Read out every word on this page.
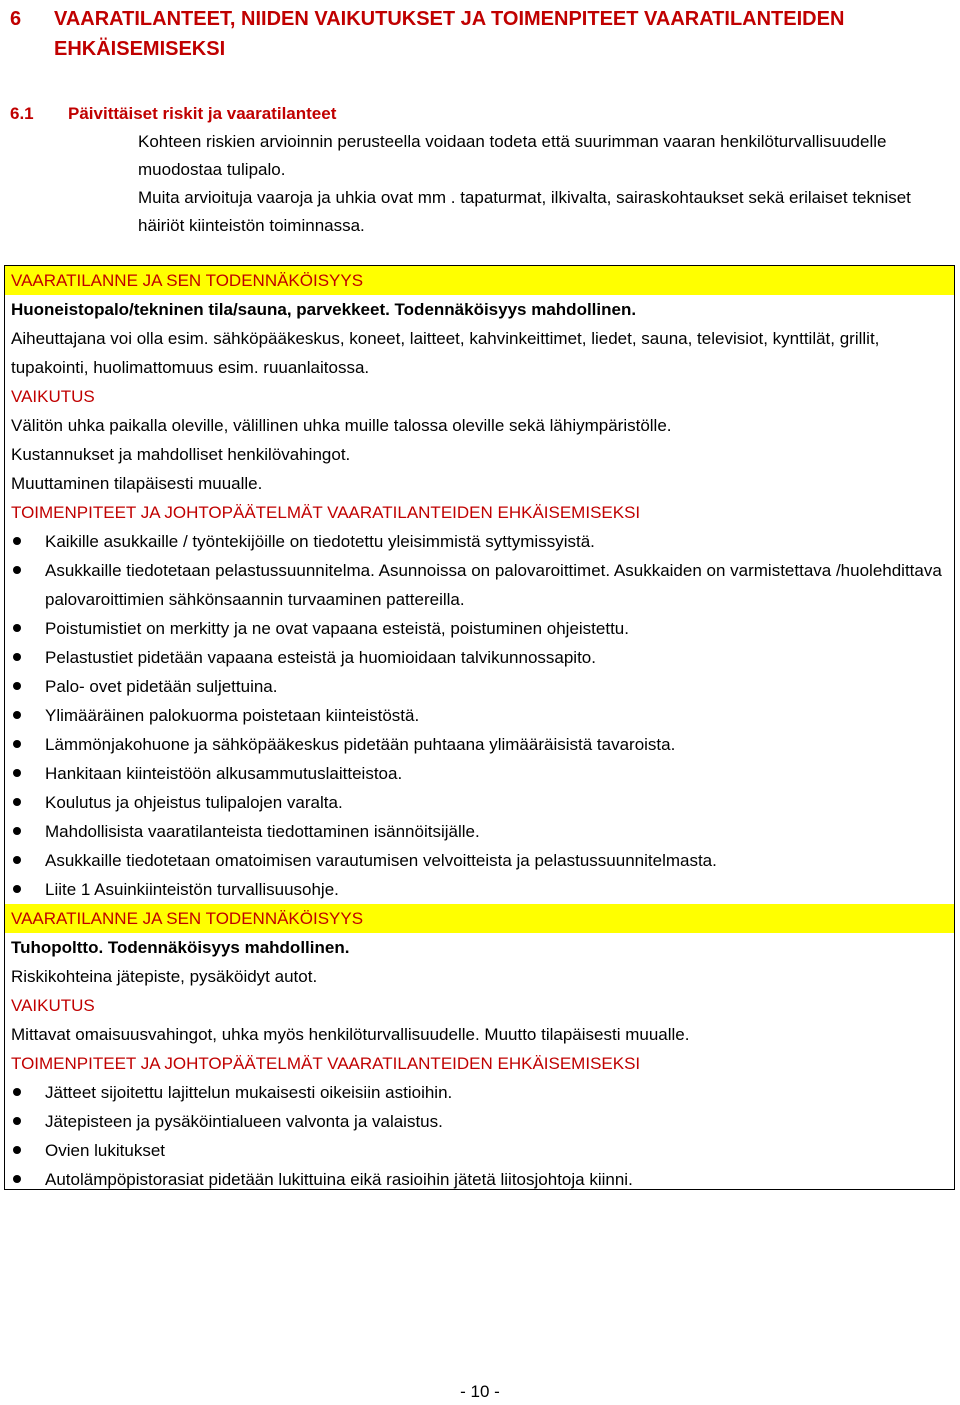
6	VAARATILANTEET, NIIDEN VAIKUTUKSET JA TOIMENPITEET VAARATILANTEIDEN EHKÄISEMISEKSI
6.1	Päivittäiset riskit ja vaaratilanteet

Kohteen riskien arvioinnin perusteella voidaan todeta että suurimman vaaran henkilöturvallisuudelle muodostaa tulipalo.

Muita arvioituja vaaroja ja uhkia ovat mm . tapaturmat, ilkivalta, sairaskohtaukset sekä erilaiset tekniset häiriöt kiinteistön toiminnassa.

VAARATILANNE JA SEN TODENNÄKÖISYYS
Huoneistopalo/tekninen tila/sauna, parvekkeet. Todennäköisyys mahdollinen.
Aiheuttajana voi olla esim. sähköpääkeskus, koneet, laitteet, kahvinkeittimet, liedet, sauna, televisiot, kynttilät, grillit, tupakointi, huolimattomuus esim. ruuanlaitossa.
VAIKUTUS
Välitön uhka paikalla oleville, välillinen uhka muille talossa oleville sekä lähiympäristölle.
Kustannukset ja mahdolliset henkilövahingot.
Muuttaminen tilapäisesti muualle.
TOIMENPITEET JA JOHTOPÄÄTELMÄT VAARATILANTEIDEN EHKÄISEMISEKSI
Kaikille asukkaille / työntekijöille on tiedotettu yleisimmistä syttymissyistä.
Asukkaille tiedotetaan pelastussuunnitelma. Asunnoissa on palovaroittimet. Asukkaiden on varmistettava /huolehdittava palovaroittimien sähkönsaannin turvaaminen pattereilla.
Poistumistiet on merkitty ja ne ovat vapaana esteistä, poistuminen ohjeistettu.
Pelastustiet pidetään vapaana esteistä ja huomioidaan talvikunnossapito.
Palo- ovet pidetään suljettuina.
Ylimääräinen palokuorma poistetaan kiinteistöstä.
Lämmönjakohuone ja sähköpääkeskus pidetään puhtaana ylimääräisistä tavaroista.
Hankitaan kiinteistöön alkusammutuslaitteistoa.
Koulutus ja ohjeistus tulipalojen varalta.
Mahdollisista vaaratilanteista tiedottaminen isännöitsijälle.
Asukkaille tiedotetaan omatoimisen varautumisen velvoitteista ja pelastussuunnitelmasta.
Liite 1 Asuinkiinteistön turvallisuusohje.
VAARATILANNE JA SEN TODENNÄKÖISYYS
Tuhopoltto. Todennäköisyys mahdollinen.
Riskikohteina jätepiste, pysäköidyt autot.
VAIKUTUS
Mittavat omaisuusvahingot, uhka myös henkilöturvallisuudelle. Muutto tilapäisesti muualle.
TOIMENPITEET JA JOHTOPÄÄTELMÄT VAARATILANTEIDEN EHKÄISEMISEKSI
Jätteet sijoitettu lajittelun mukaisesti oikeisiin astioihin.
Jätepisteen ja pysäköintialueen valvonta ja valaistus.
Ovien lukitukset
Autolämpöpistorasiat pidetään lukittuina eikä rasioihin jätetä liitosjohtoja kiinni.
- 10 -
